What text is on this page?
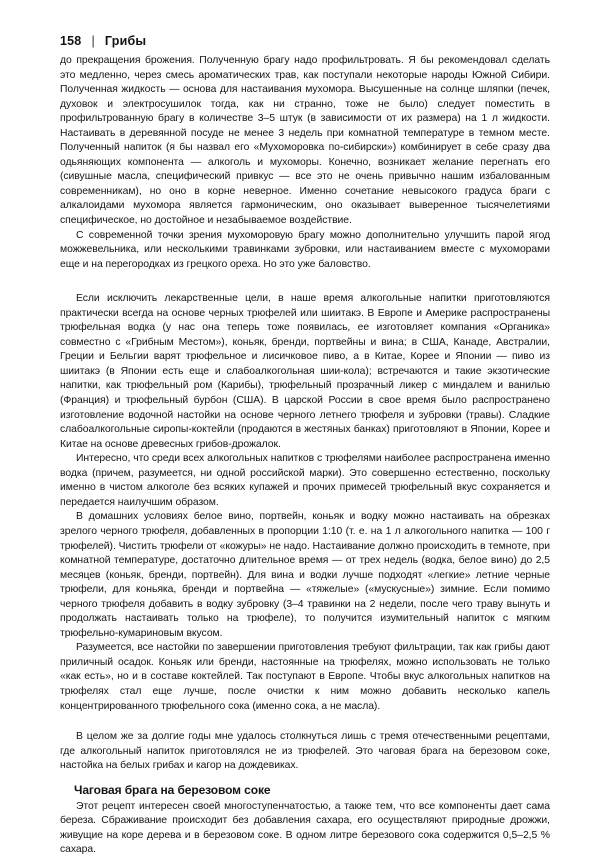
158 | Грибы

до прекращения брожения. Полученную брагу надо профильтровать. Я бы рекомендовал сделать это медленно, через смесь ароматических трав, как поступали некоторые народы Южной Сибири. Полученная жидкость — основа для настаивания мухомора. Высушенные на солнце шляпки (печек, духовок и электросушилок тогда, как ни странно, тоже не было) следует поместить в профильтрованную брагу в количестве 3–5 штук (в зависимости от их размера) на 1 л жидкости. Настаивать в деревянной посуде не менее 3 недель при комнатной температуре в темном месте. Полученный напиток (я бы назвал его «Мухоморовка по-сибирски») комбинирует в себе сразу два одьяняющих компонента — алкоголь и мухоморы. Конечно, возникает желание перегнать его (сивушные масла, специфический привкус — все это не очень привычно нашим избалованным современникам), но оно в корне неверное. Именно сочетание невысокого градуса браги с алкалоидами мухомора является гармоническим, оно оказывает выверенное тысячелетиями специфическое, но достойное и незабываемое воздействие.

С современной точки зрения мухоморовую брагу можно дополнительно улучшить парой ягод можжевельника, или несколькими травинками зубровки, или настаиванием вместе с мухоморами еще и на перегородках из грецкого ореха. Но это уже баловство.

Если исключить лекарственные цели, в наше время алкогольные напитки приготовляются практически всегда на основе черных трюфелей или шиитакэ. В Европе и Америке распространены трюфельная водка (у нас она теперь тоже появилась, ее изготовляет компания «Органика» совместно с «Грибным Местом»), коньяк, бренди, портвейны и вина; в США, Канаде, Австралии, Греции и Бельгии варят трюфельное и лисичковое пиво, а в Китае, Корее и Японии — пиво из шиитакэ (в Японии есть еще и слабоалкогольная шии-кола); встречаются и такие экзотические напитки, как трюфельный ром (Карибы), трюфельный прозрачный ликер с миндалем и ванилью (Франция) и трюфельный бурбон (США). В царской России в свое время было распространено изготовление водочной настойки на основе черного летнего трюфеля и зубровки (травы). Сладкие слабоалкогольные сиропы-коктейли (продаются в жестяных банках) приготовляют в Японии, Корее и Китае на основе древесных грибов-дрожалок.

Интересно, что среди всех алкогольных напитков с трюфелями наиболее распространена именно водка (причем, разумеется, ни одной российской марки). Это совершенно естественно, поскольку именно в чистом алкоголе без всяких купажей и прочих примесей трюфельный вкус сохраняется и передается наилучшим образом.

В домашних условиях белое вино, портвейн, коньяк и водку можно настаивать на обрезках зрелого черного трюфеля, добавленных в пропорции 1:10 (т. е. на 1 л алкогольного напитка — 100 г трюфелей). Чистить трюфели от «кожуры» не надо. Настаивание должно происходить в темноте, при комнатной температуре, достаточно длительное время — от трех недель (водка, белое вино) до 2,5 месяцев (коньяк, бренди, портвейн). Для вина и водки лучше подходят «легкие» летние черные трюфели, для коньяка, бренди и портвейна — «тяжелые» («мускусные») зимние. Если помимо черного трюфеля добавить в водку зубровку (3–4 травинки на 2 недели, после чего траву вынуть и продолжать настаивать только на трюфеле), то получится изумительный напиток с мягким трюфельно-кумариновым вкусом.

Разумеется, все настойки по завершении приготовления требуют фильтрации, так как грибы дают приличный осадок. Коньяк или бренди, настоянные на трюфелях, можно использовать не только «как есть», но и в составе коктейлей. Так поступают в Европе. Чтобы вкус алкогольных напитков на трюфелях стал еще лучше, после очистки к ним можно добавить несколько капель концентрированного трюфельного сока (именно сока, а не масла).

В целом же за долгие годы мне удалось столкнуться лишь с тремя отечественными рецептами, где алкогольный напиток приготовлялся не из трюфелей. Это чаговая брага на березовом соке, настойка на белых грибах и кагор на дождевиках.

Чаговая брага на березовом соке

Этот рецепт интересен своей многоступенчатостью, а также тем, что все компоненты дает сама береза. Сбраживание происходит без добавления сахара, его осуществляют природные дрожжи, живущие на коре дерева и в березовом соке. В одном литре березового сока содержится 0,5–2,5 % сахара.
